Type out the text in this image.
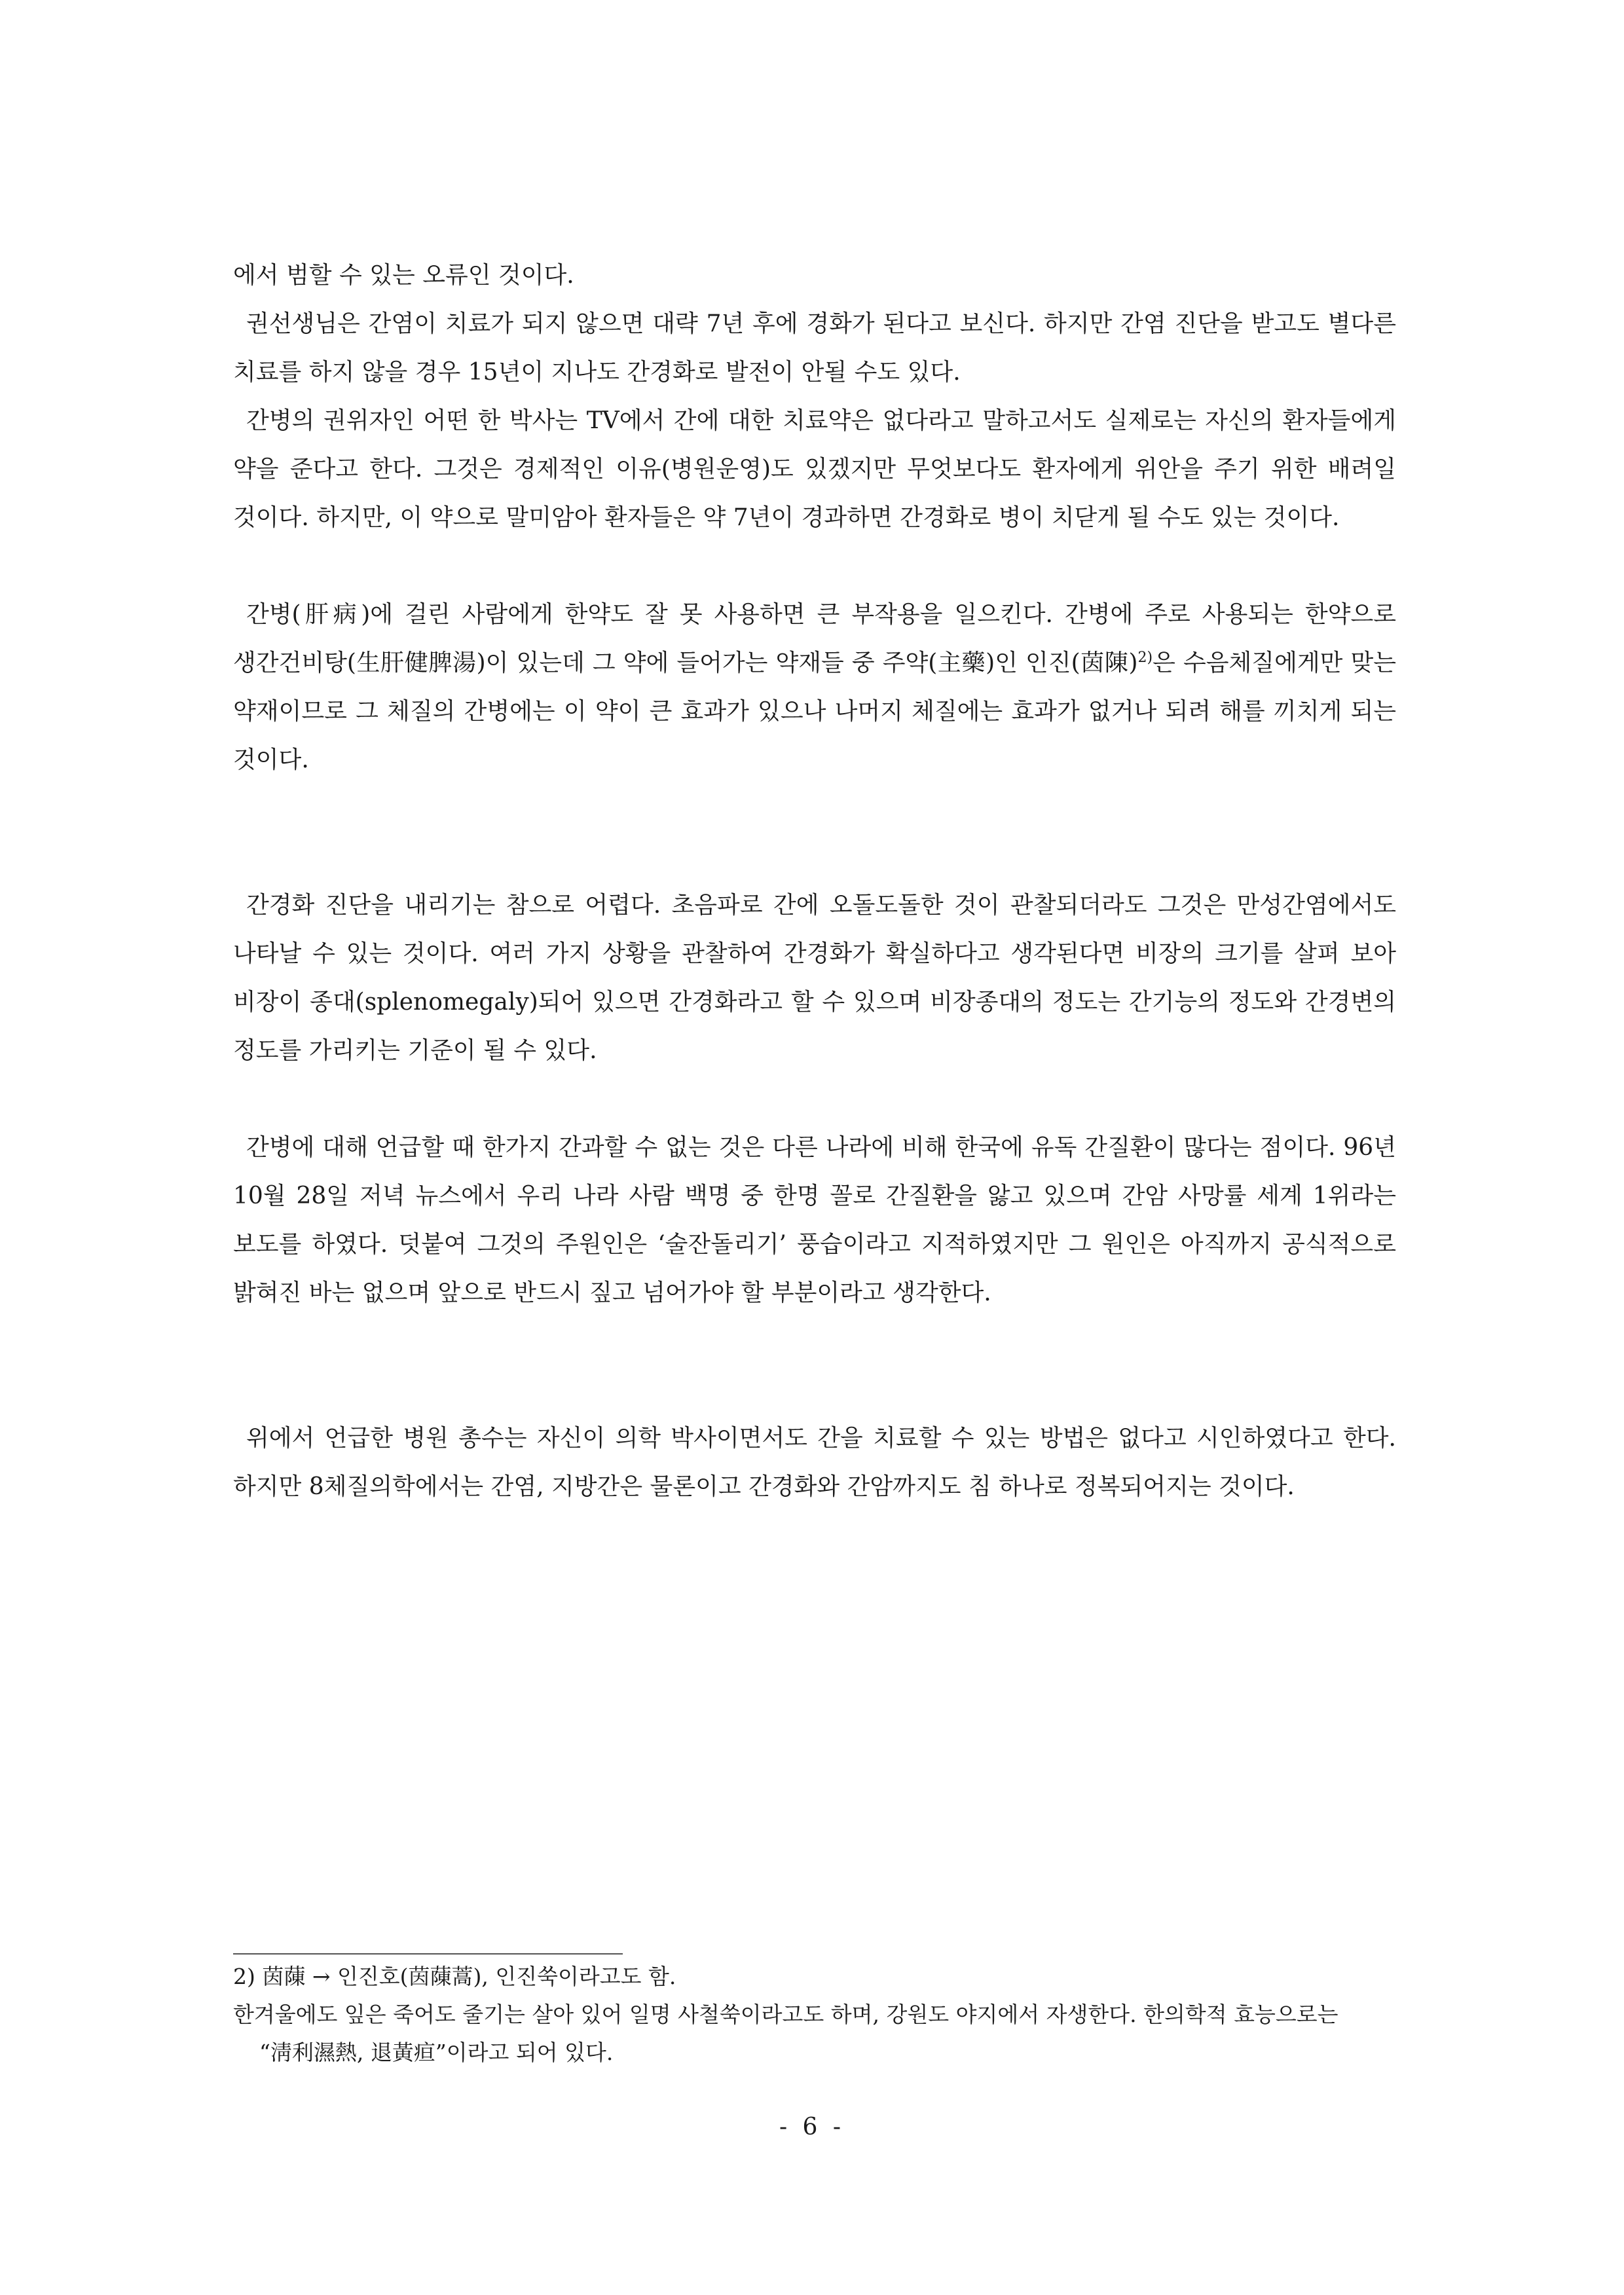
에서 범할 수 있는 오류인 것이다.

권선생님은 간염이 치료가 되지 않으면 대략 7년 후에 경화가 된다고 보신다. 하지만 간염 진단을 받고도 별다른 치료를 하지 않을 경우 15년이 지나도 간경화로 발전이 안될 수도 있다.

간병의 권위자인 어떤 한 박사는 TV에서 간에 대한 치료약은 없다라고 말하고서도 실제로는 자신의 환자들에게 약을 준다고 한다. 그것은 경제적인 이유(병원운영)도 있겠지만 무엇보다도 환자에게 위안을 주기 위한 배려일 것이다. 하지만, 이 약으로 말미암아 환자들은 약 7년이 경과하면 간경화로 병이 치닫게 될 수도 있는 것이다.

간병(肝病)에 걸린 사람에게 한약도 잘 못 사용하면 큰 부작용을 일으킨다. 간병에 주로 사용되는 한약으로 생간건비탕(生肝健脾湯)이 있는데 그 약에 들어가는 약재들 중 주약(主藥)인 인진(茵陳)$^{2)}$은 수음체질에게만 맞는 약재이므로 그 체질의 간병에는 이 약이 큰 효과가 있으나 나머지 체질에는 효과가 없거나 되려 해를 끼치게 되는 것이다.

간경화 진단을 내리기는 참으로 어렵다. 초음파로 간에 오돌도돌한 것이 관찰되더라도 그것은 만성간염에서도 나타날 수 있는 것이다. 여러 가지 상황을 관찰하여 간경화가 확실하다고 생각된다면 비장의 크기를 살펴 보아 비장이 종대(splenomegaly)되어 있으면 간경화라고 할 수 있으며 비장종대의 정도는 간기능의 정도와 간경변의 정도를 가리키는 기준이 될 수 있다.

간병에 대해 언급할 때 한가지 간과할 수 없는 것은 다른 나라에 비해 한국에 유독 간질환이 많다는 점이다. 96년 10월 28일 저녁 뉴스에서 우리 나라 사람 백명 중 한명 꼴로 간질환을 앓고 있으며 간암 사망률 세계 1위라는 보도를 하였다. 덧붙여 그것의 주원인은 ‘술잔돌리기’ 풍습이라고 지적하였지만 그 원인은 아직까지 공식적으로 밝혀진 바는 없으며 앞으로 반드시 짚고 넘어가야 할 부분이라고 생각한다.

위에서 언급한 병원 총수는 자신이 의학 박사이면서도 간을 치료할 수 있는 방법은 없다고 시인하였다고 한다. 하지만 8체질의학에서는 간염, 지방간은 물론이고 간경화와 간암까지도 침 하나로 정복되어지는 것이다.

2) 茵蔯 → 인진호(茵蔯蒿), 인진쑥이라고도 함.

한겨울에도 잎은 죽어도 줄기는 살아 있어 일명 사철쑥이라고도 하며, 강원도 야지에서 자생한다. 한의학적 효능으로는 “淸利濕熱, 退黃疸”이라고 되어 있다.

- 6 -
